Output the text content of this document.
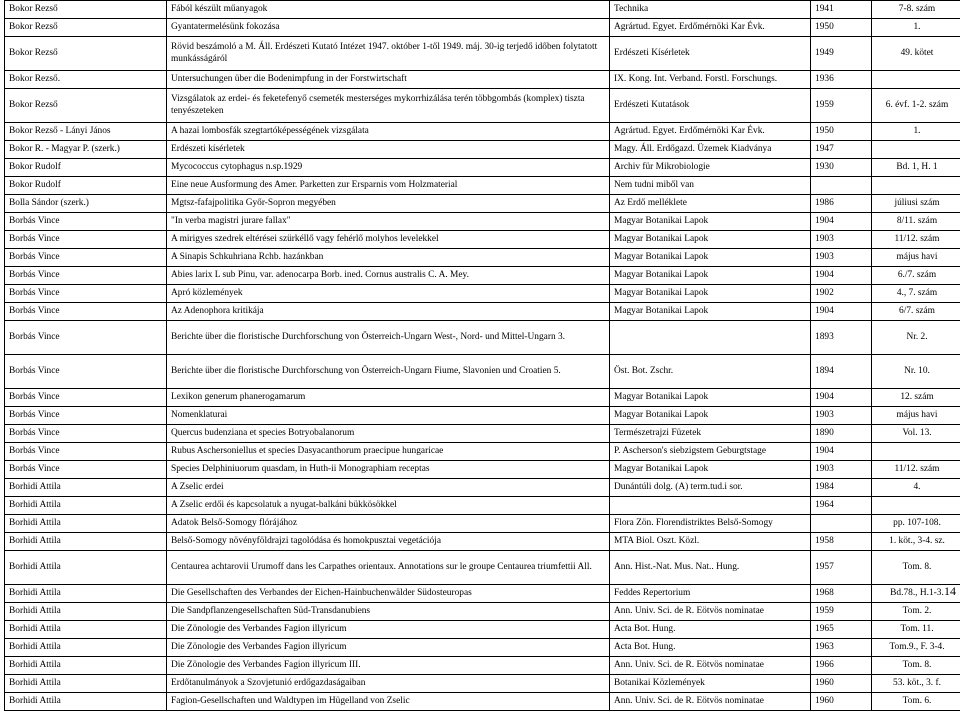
Bokor Rezső	Fából készült műanyagok	Technika	1941	7-8. szám
Bokor Rezső	Gyantatermelésünk fokozása	Agrártud. Egyet. Erdőmérnöki Kar Évk.	1950	1.
Bokor Rezső	Rövid beszámoló a M. Áll. Erdészeti Kutató Intézet 1947. október 1-től 1949. máj. 30-ig terjedő időben folytatott munkásságáról	Erdészeti Kísérletek	1949	49. kötet
Bokor Rezső.	Untersuchungen über die Bodenimpfung in der Forstwirtschaft	IX. Kong. Int. Verband. Forstl. Forschungs.	1936	
Bokor Rezső	Vizsgálatok az erdei- és feketefenyő csemeték mesterséges mykorrhizálása terén többgombás (komplex) tiszta tenyészeteken	Erdészeti Kutatások	1959	6. évf. 1-2. szám
Bokor Rezső - Lányi János	A hazai lombosfák szegtartóképességének vizsgálata	Agrártud. Egyet. Erdőmérnöki Kar Évk.	1950	1.
Bokor R. - Magyar P. (szerk.)	Erdészeti kísérletek	Magy. Áll. Erdőgazd. Üzemek Kiadványa	1947	
Bokor Rudolf	Mycococcus cytophagus n.sp.1929	Archiv für Mikrobiologie	1930	Bd. 1, H. 1
Bokor Rudolf	Eine neue Ausformung des Amer. Parketten zur Ersparnis vom Holzmaterial	Nem tudni miből van		
Bolla Sándor (szerk.)	Mgtsz-fafajpolitika Győr-Sopron megyében	Az Erdő melléklete	1986	júliusi szám
Borbás Vince	"In verba magistri jurare fallax"	Magyar Botanikai Lapok	1904	8/11. szám
Borbás Vince	A mirigyes szedrek eltérései szürkéllő vagy fehérlő molyhos levelekkel	Magyar Botanikai Lapok	1903	11/12. szám
Borbás Vince	A Sinapis Schkuhriana Rchb. hazánkban	Magyar Botanikai Lapok	1903	május havi
Borbás Vince	Abies larix L sub Pinu, var. adenocarpa Borb. ined. Cornus australis C. A. Mey.	Magyar Botanikai Lapok	1904	6./7. szám
Borbás Vince	Apró közlemények	Magyar Botanikai Lapok	1902	4., 7. szám
Borbás Vince	Az Adenophora kritikája	Magyar Botanikai Lapok	1904	6/7. szám
Borbás Vince	Berichte über die floristische Durchforschung von Österreich-Ungarn West-, Nord- und Mittel-Ungarn 3.		1893	Nr. 2.
Borbás Vince	Berichte über die floristische Durchforschung von Österreich-Ungarn Fiume, Slavonien und Croatien 5.	Öst. Bot. Zschr.	1894	Nr. 10.
Borbás Vince	Lexikon generum phanerogamarum	Magyar Botanikai Lapok	1904	12. szám
Borbás Vince	Nomenklaturai	Magyar Botanikai Lapok	1903	május havi
Borbás Vince	Quercus budenziana et species Botryobalanorum	Természetrajzi Füzetek	1890	Vol. 13.
Borbás Vince	Rubus Aschersoniellus et species Dasyacanthorum praecipue hungaricae	P. Ascherson's siebzigstem Geburgtstage	1904	
Borbás Vince	Species Delphiniuorum quasdam, in Huth-ii Monographiam receptas	Magyar Botanikai Lapok	1903	11/12. szám
Borhidi Attila	A Zselic erdei	Dunántúli dolg. (A) term.tud.i sor.	1984	4.
Borhidi Attila	A Zselic erdői és kapcsolatuk a nyugat-balkáni bükkösökkel		1964	
Borhidi Attila	Adatok Belső-Somogy flórájához	Flora Zön. Florendistriktes Belső-Somogy		pp. 107-108.
Borhidi Attila	Belső-Somogy növényföldrajzi tagolódása és homokpusztai vegetációja	MTA Biol. Oszt. Közl.	1958	1. köt., 3-4. sz.
Borhidi Attila	Centaurea achtarovii Urumoff dans les Carpathes orientaux. Annotations sur le groupe Centaurea triumfettii All.	Ann. Hist.-Nat. Mus. Nat.. Hung.	1957	Tom. 8.
Borhidi Attila	Die Gesellschaften des Verbandes der Eichen-Hainbuchenwälder Südosteuropas	Feddes Repertorium	1968	Bd.78., H.1-3.
Borhidi Attila	Die Sandpflanzengesellschaften Süd-Transdanubiens	Ann. Univ. Sci. de R. Eötvös nominatae	1959	Tom. 2.
Borhidi Attila	Die Zönologie des Verbandes Fagion illyricum	Acta Bot. Hung.	1965	Tom. 11.
Borhidi Attila	Die Zönologie des Verbandes Fagion illyricum	Acta Bot. Hung.	1963	Tom.9., F. 3-4.
Borhidi Attila	Die Zönologie des Verbandes Fagion illyricum III.	Ann. Univ. Sci. de R. Eötvös nominatae	1966	Tom. 8.
Borhidi Attila	Erdőtanulmányok a Szovjetunió erdőgazdaságaiban	Botanikai Közlemények	1960	53. köt., 3. f.
Borhidi Attila	Fagion-Gesellschaften und Waldtypen im Hügelland von Zselic	Ann. Univ. Sci. de R. Eötvös nominatae	1960	Tom. 6.
14
